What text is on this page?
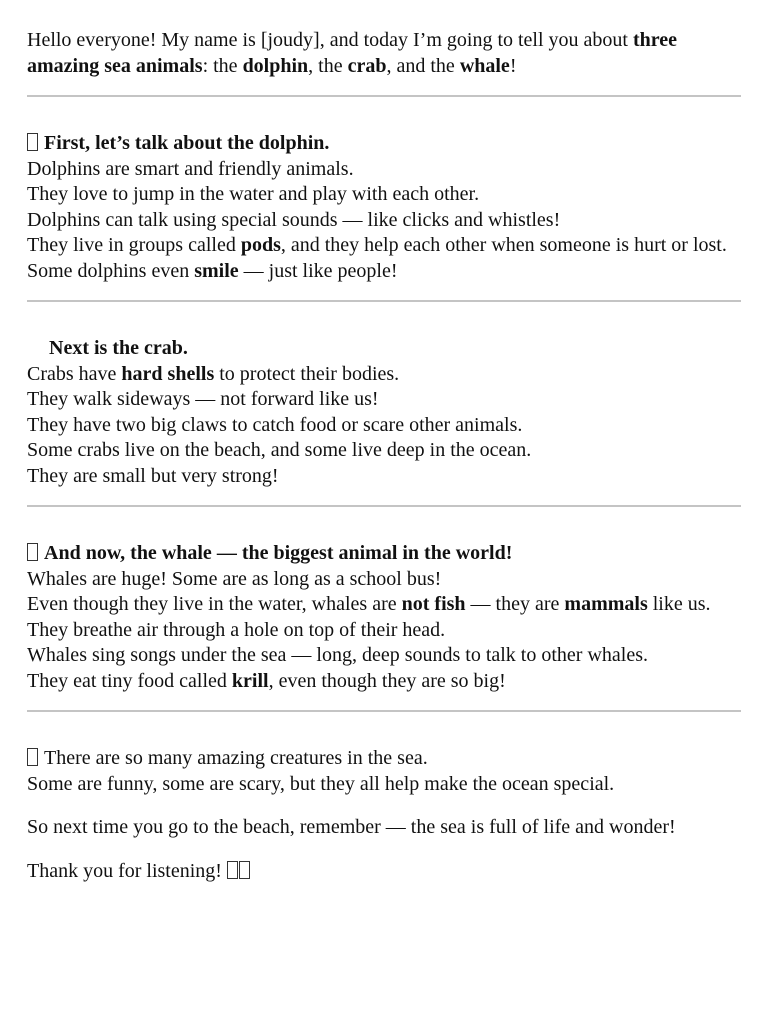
Hello everyone! My name is [joudy], and today I’m going to tell you about three amazing sea animals: the dolphin, the crab, and the whale!

First, let’s talk about the dolphin.

Dolphins are smart and friendly animals.

They love to jump in the water and play with each other.

Dolphins can talk using special sounds — like clicks and whistles!

They live in groups called pods, and they help each other when someone is hurt or lost.

Some dolphins even smile — just like people!

Next is the crab.

Crabs have hard shells to protect their bodies.

They walk sideways — not forward like us!

They have two big claws to catch food or scare other animals.

Some crabs live on the beach, and some live deep in the ocean.

They are small but very strong!

And now, the whale — the biggest animal in the world!

Whales are huge! Some are as long as a school bus!

Even though they live in the water, whales are not fish — they are mammals like us.

They breathe air through a hole on top of their head.

Whales sing songs under the sea — long, deep sounds to talk to other whales.

They eat tiny food called krill, even though they are so big!

There are so many amazing creatures in the sea.

Some are funny, some are scary, but they all help make the ocean special.

So next time you go to the beach, remember — the sea is full of life and wonder!

Thank you for listening!
